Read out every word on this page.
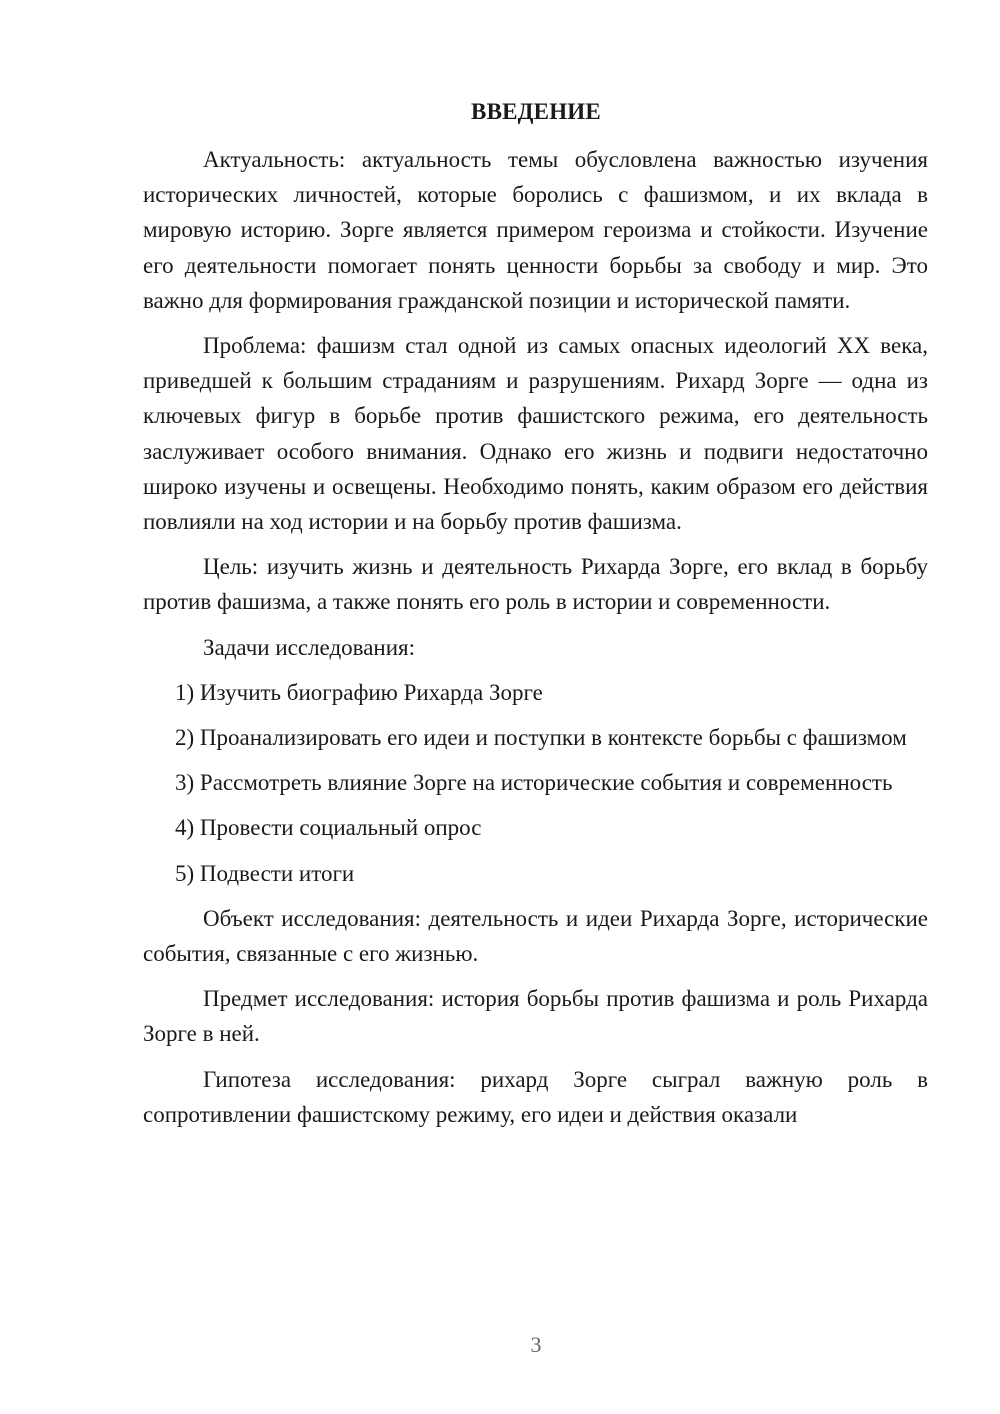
ВВЕДЕНИЕ

Актуальность: актуальность темы обусловлена важностью изучения исторических личностей, которые боролись с фашизмом, и их вклада в мировую историю. Зорге является примером героизма и стойкости. Изучение его деятельности помогает понять ценности борьбы за свободу и мир. Это важно для формирования гражданской позиции и исторической памяти.

Проблема: фашизм стал одной из самых опасных идеологий XX века, приведшей к большим страданиям и разрушениям. Рихард Зорге — одна из ключевых фигур в борьбе против фашистского режима, его деятельность заслуживает особого внимания. Однако его жизнь и подвиги недостаточно широко изучены и освещены. Необходимо понять, каким образом его действия повлияли на ход истории и на борьбу против фашизма.

Цель: изучить жизнь и деятельность Рихарда Зорге, его вклад в борьбу против фашизма, а также понять его роль в истории и современности.

Задачи исследования:

1) Изучить биографию Рихарда Зорге

2) Проанализировать его идеи и поступки в контексте борьбы с фашизмом

3) Рассмотреть влияние Зорге на исторические события и современность

4) Провести социальный опрос

5) Подвести итоги

Объект исследования: деятельность и идеи Рихарда Зорге, исторические события, связанные с его жизнью.

Предмет исследования: история борьбы против фашизма и роль Рихарда Зорге в ней.

Гипотеза исследования: рихард Зорге сыграл важную роль в сопротивлении фашистскому режиму, его идеи и действия оказали

3
